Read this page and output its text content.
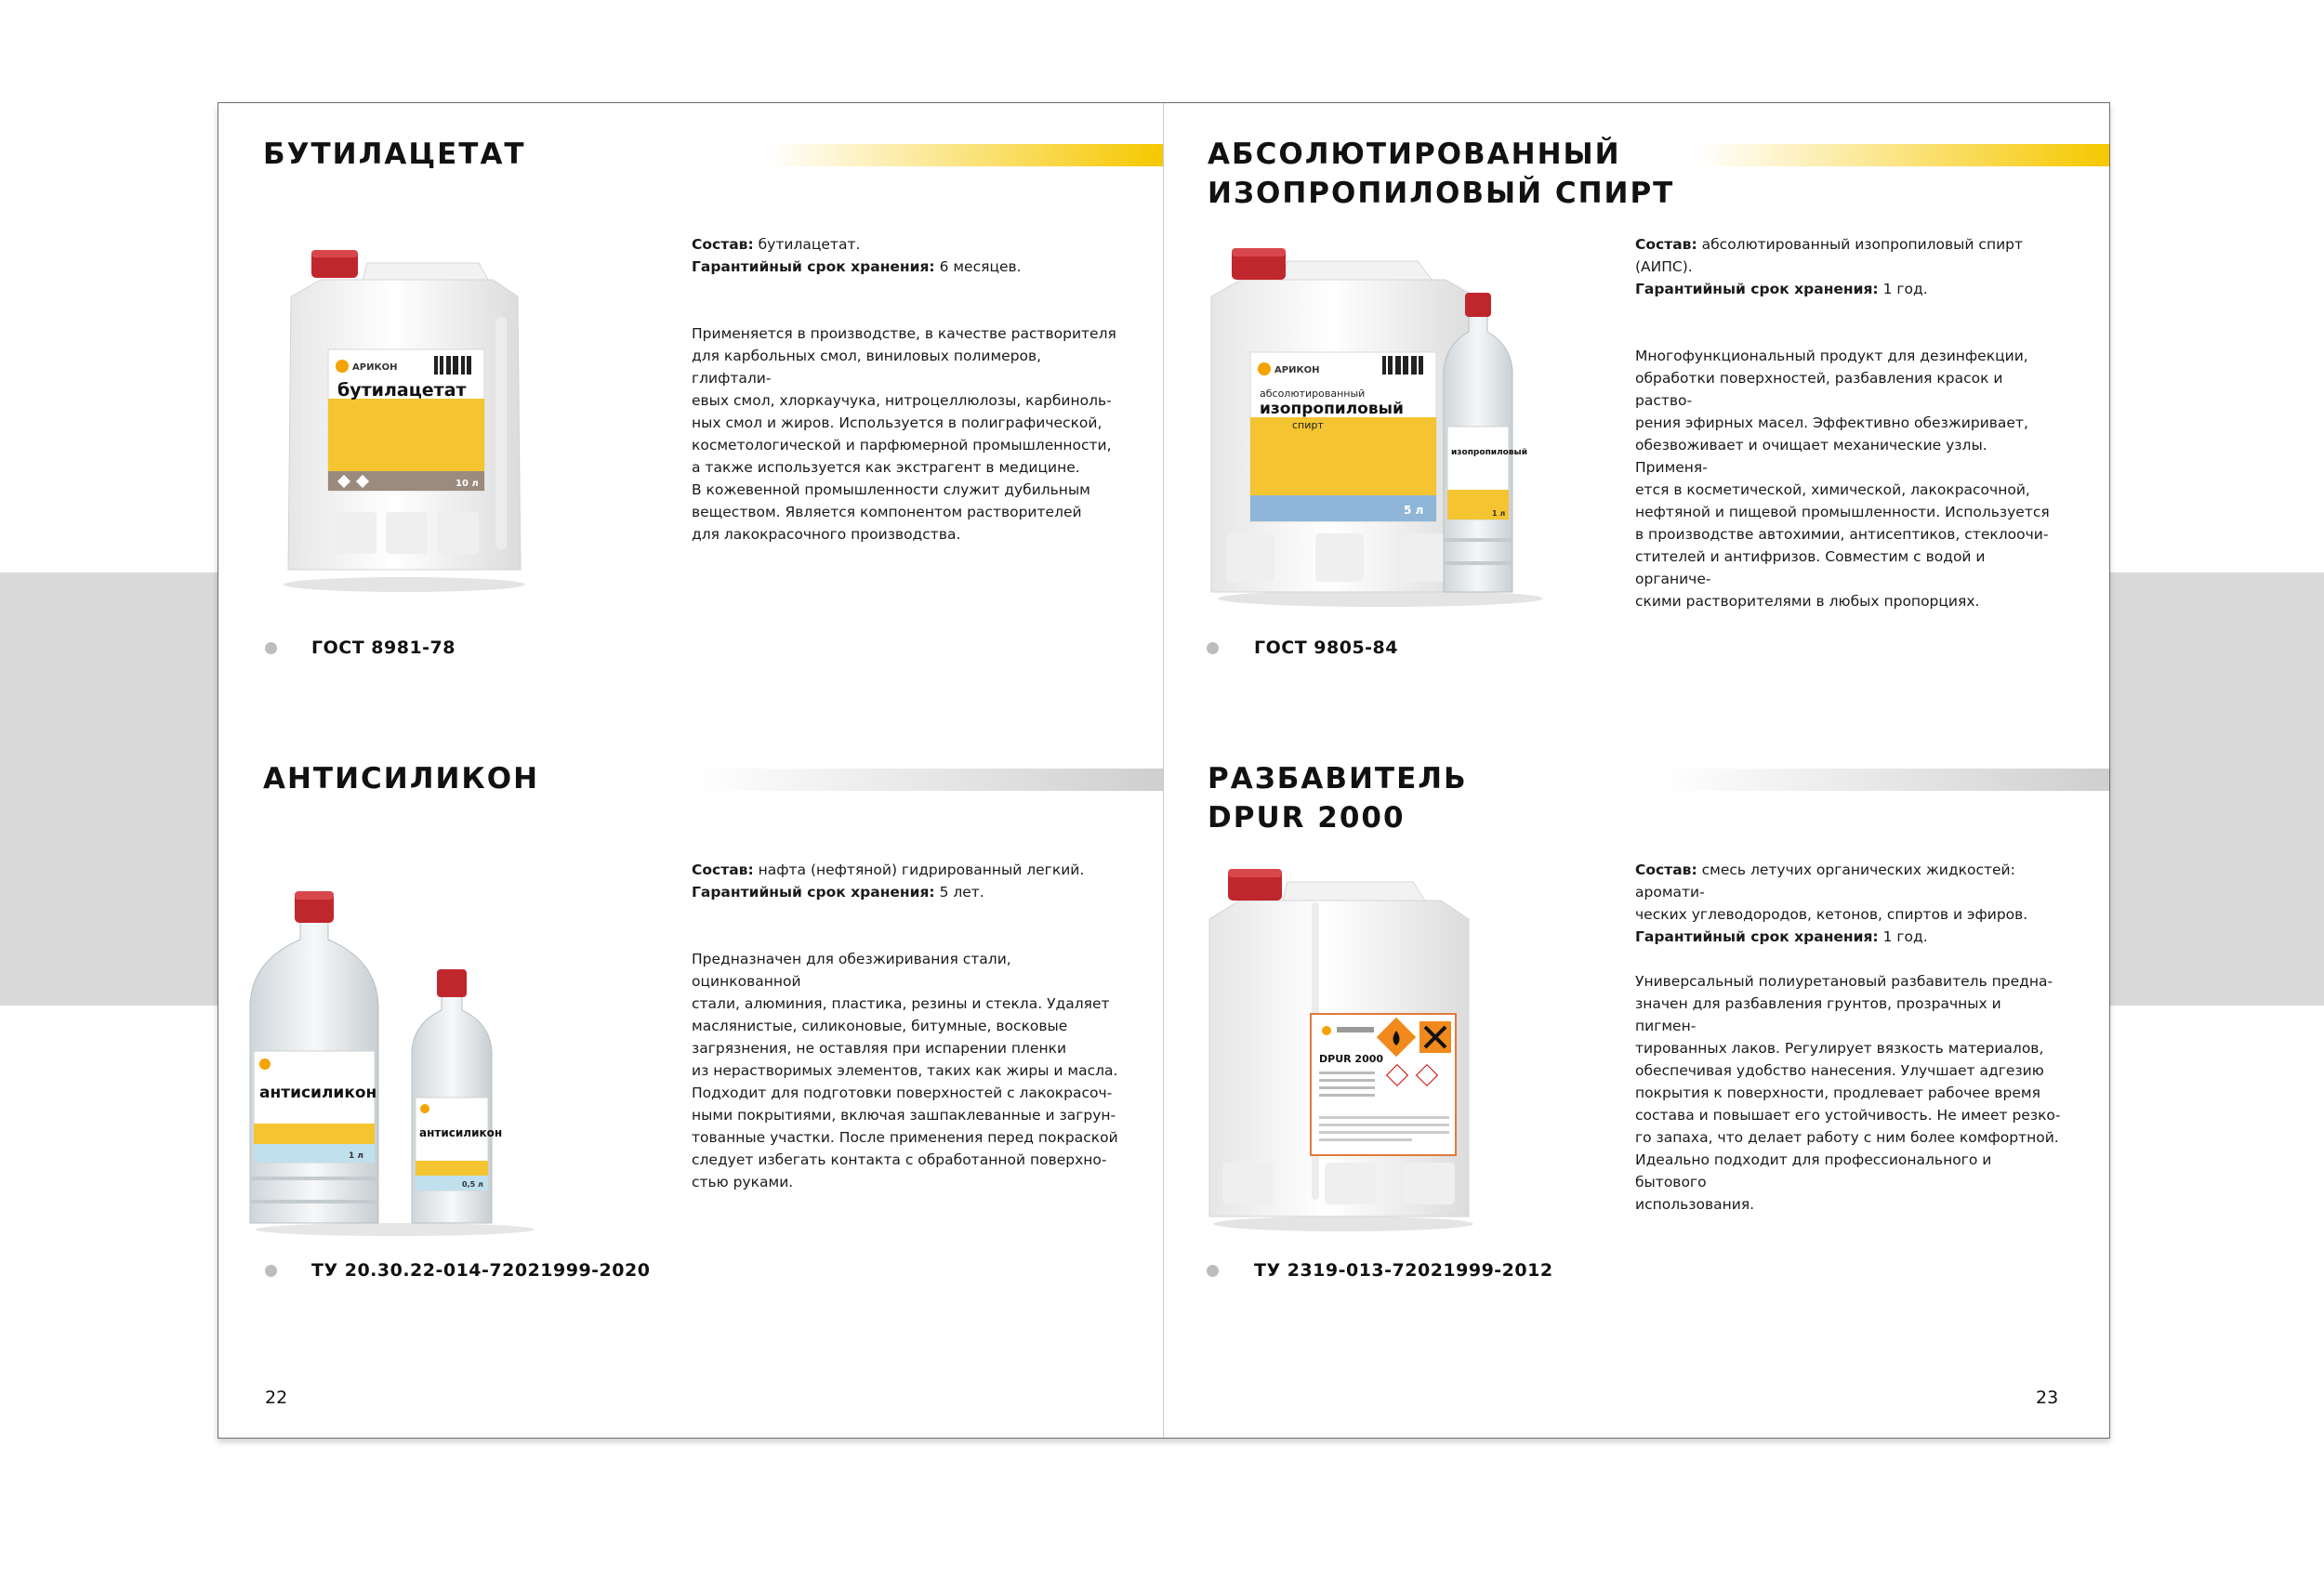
БУТИЛАЦЕТАТ
АРИКОН
бутилацетат
10 л

Состав: бутилацетат.

Гарантийный срок хранения: 6 месяцев.

Применяется в производстве, в качестве растворителя

для карбольных смол, виниловых полимеров, глифтали-

евых смол, хлоркаучука, нитроцеллюлозы, карбиноль-

ных смол и жиров. Используется в полиграфической,

косметологической и парфюмерной промышленности,

а также используется как экстрагент в медицине.

В кожевенной промышленности служит дубильным

веществом. Является компонентом растворителей

для лакокрасочного производства.

ГОСТ 8981-78
АБСОЛЮТИРОВАННЫЙ
ИЗОПРОПИЛОВЫЙ СПИРТ
АРИКОН
абсолютированный
изопропиловый
спирт
5 л
изопропиловый
1 л

Состав: абсолютированный изопропиловый спирт (АИПС).

Гарантийный срок хранения: 1 год.

Многофункциональный продукт для дезинфекции,

обработки поверхностей, разбавления красок и раство-

рения эфирных масел. Эффективно обезжиривает,

обезвоживает и очищает механические узлы. Применя-

ется в косметической, химической, лакокрасочной,

нефтяной и пищевой промышленности. Используется

в производстве автохимии, антисептиков, стеклоочи-

стителей и антифризов. Совместим с водой и органиче-

скими растворителями в любых пропорциях.

ГОСТ 9805-84
АНТИСИЛИКОН
антисиликон
1 л
антисиликон
0,5 л

Состав: нафта (нефтяной) гидрированный легкий.

Гарантийный срок хранения: 5 лет.

Предназначен для обезжиривания стали, оцинкованной

стали, алюминия, пластика, резины и стекла. Удаляет

маслянистые, силиконовые, битумные, восковые

загрязнения, не оставляя при испарении пленки

из нерастворимых элементов, таких как жиры и масла.

Подходит для подготовки поверхностей с лакокрасоч-

ными покрытиями, включая зашпаклеванные и загрун-

тованные участки. После применения перед покраской

следует избегать контакта с обработанной поверхно-

стью руками.

ТУ 20.30.22-014-72021999-2020
РАЗБАВИТЕЛЬ
DPUR 2000
DPUR 2000

Состав: смесь летучих органических жидкостей: аромати-

ческих углеводородов, кетонов, спиртов и эфиров.

Гарантийный срок хранения: 1 год.

Универсальный полиуретановый разбавитель предна-

значен для разбавления грунтов, прозрачных и пигмен-

тированных лаков. Регулирует вязкость материалов,

обеспечивая удобство нанесения. Улучшает адгезию

покрытия к поверхности, продлевает рабочее время

состава и повышает его устойчивость. Не имеет резко-

го запаха, что делает работу с ним более комфортной.

Идеально подходит для профессионального и бытового

использования.

ТУ 2319-013-72021999-2012
22	23
